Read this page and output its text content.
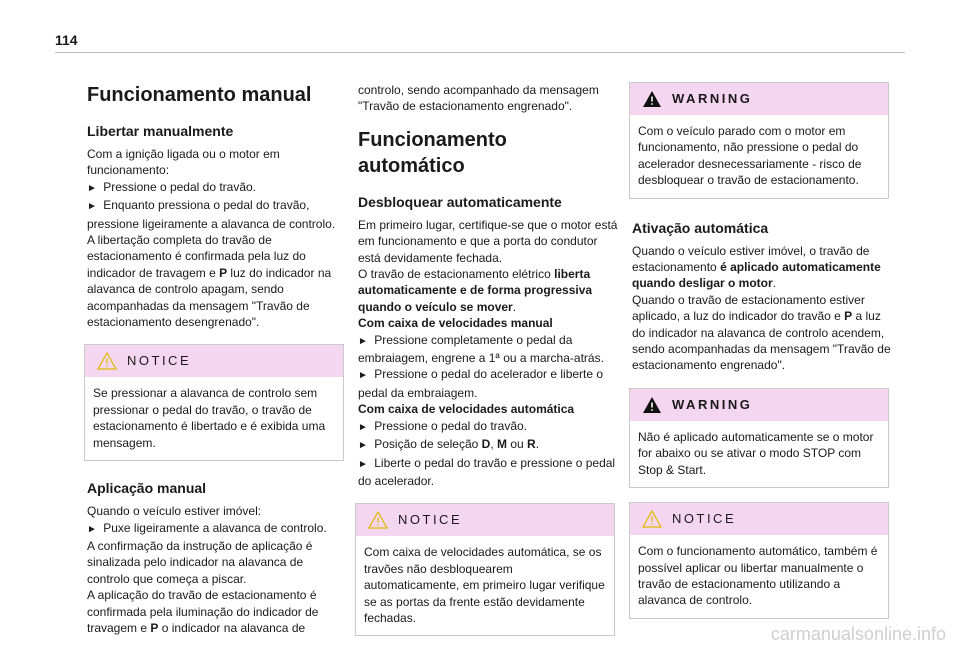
114
Funcionamento manual
Libertar manualmente

Com a ignição ligada ou o motor em funcionamento:

► Pressione o pedal do travão.

► Enquanto pressiona o pedal do travão, pressione ligeiramente a alavanca de controlo.

A libertação completa do travão de estacionamento é confirmada pela luz do indicador de travagem e P luz do indicador na alavanca de controlo apagam, sendo acompanhadas da mensagem "Travão de estacionamento desengrenado".

NOTICE
Se pressionar a alavanca de controlo sem pressionar o pedal do travão, o travão de estacionamento é libertado e é exibida uma mensagem.
Aplicação manual

Quando o veículo estiver imóvel:

► Puxe ligeiramente a alavanca de controlo.

A confirmação da instrução de aplicação é sinalizada pelo indicador na alavanca de controlo que começa a piscar.

A aplicação do travão de estacionamento é confirmada pela iluminação do indicador de travagem e P o indicador na alavanca de

controlo, sendo acompanhado da mensagem "Travão de estacionamento engrenado".

Funcionamento automático
Desbloquear automaticamente

Em primeiro lugar, certifique-se que o motor está em funcionamento e que a porta do condutor está devidamente fechada.

O travão de estacionamento elétrico liberta automaticamente e de forma progressiva quando o veículo se mover.

Com caixa de velocidades manual

► Pressione completamente o pedal da embraiagem, engrene a 1ª ou a marcha-atrás.

► Pressione o pedal do acelerador e liberte o pedal da embraiagem.

Com caixa de velocidades automática

► Pressione o pedal do travão.

► Posição de seleção D, M ou R.

► Liberte o pedal do travão e pressione o pedal do acelerador.

NOTICE
Com caixa de velocidades automática, se os travões não desbloquearem automaticamente, em primeiro lugar verifique se as portas da frente estão devidamente fechadas.
WARNING
Com o veículo parado com o motor em funcionamento, não pressione o pedal do acelerador desnecessariamente - risco de desbloquear o travão de estacionamento.
Ativação automática

Quando o veículo estiver imóvel, o travão de estacionamento é aplicado automaticamente quando desligar o motor.

Quando o travão de estacionamento estiver aplicado, a luz do indicador do travão e P a luz do indicador na alavanca de controlo acendem, sendo acompanhadas da mensagem "Travão de estacionamento engrenado".

WARNING
Não é aplicado automaticamente se o motor for abaixo ou se ativar o modo STOP com Stop & Start.
NOTICE
Com o funcionamento automático, também é possível aplicar ou libertar manualmente o travão de estacionamento utilizando a alavanca de controlo.
carmanualsonline.info
